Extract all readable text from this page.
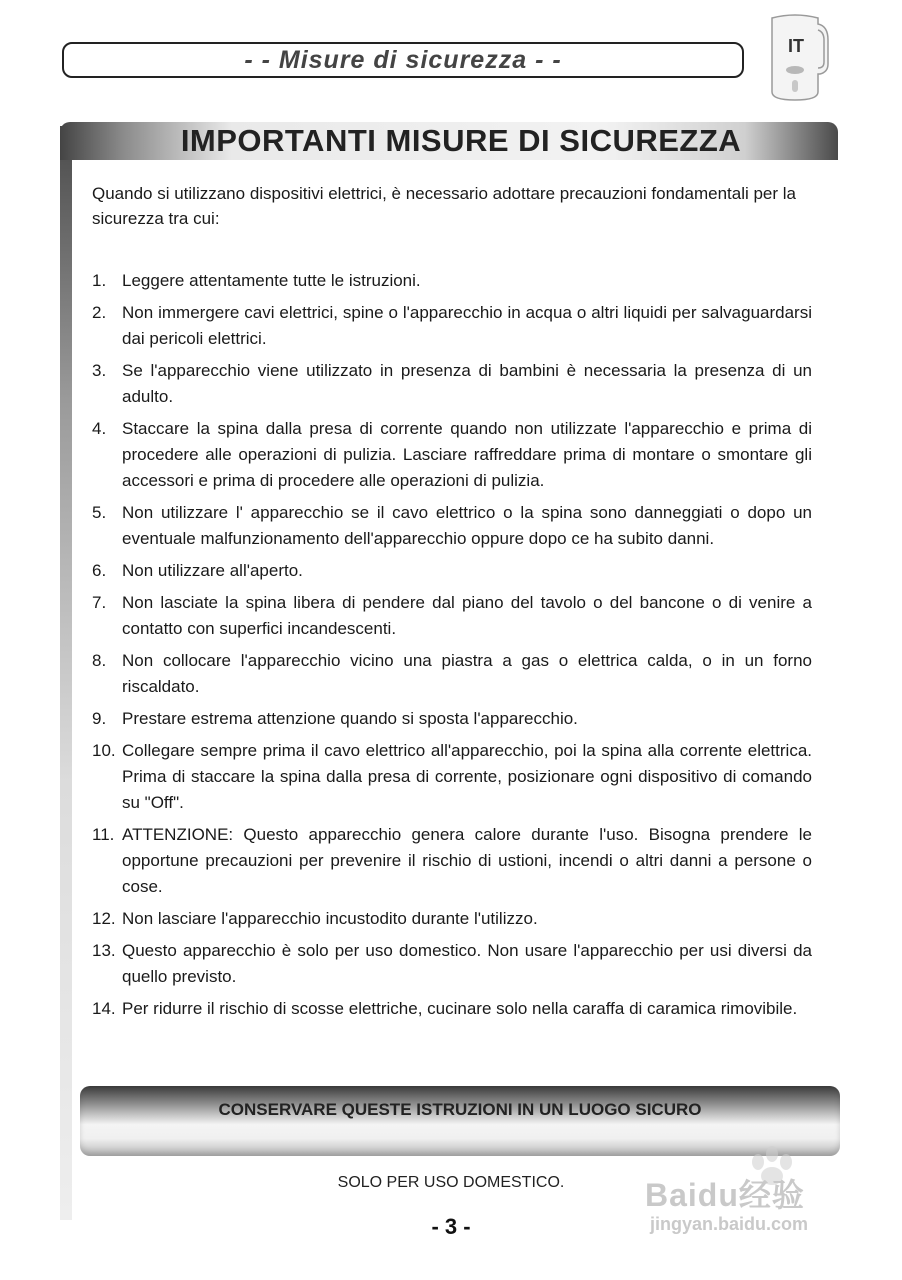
- - Misure di sicurezza - -	IT
IMPORTANTI MISURE DI SICUREZZA

Quando si utilizzano dispositivi elettrici, è necessario adottare precauzioni fondamentali per la sicurezza tra cui:

1. Leggere attentamente tutte le istruzioni.
2. Non immergere cavi elettrici, spine o l'apparecchio in acqua o altri liquidi per salvaguardarsi dai pericoli elettrici.
3. Se l'apparecchio viene utilizzato in presenza di bambini è necessaria la presenza di un adulto.
4. Staccare la spina dalla presa di corrente quando non utilizzate l'apparecchio e prima di procedere alle operazioni di pulizia. Lasciare raffreddare prima di montare o smontare gli accessori e prima di procedere alle operazioni di pulizia.
5. Non utilizzare l' apparecchio se il cavo elettrico o la spina sono danneggiati o dopo un eventuale malfunzionamento dell'apparecchio oppure dopo ce ha subito danni.
6. Non utilizzare all'aperto.
7. Non lasciate la spina libera di pendere dal piano del tavolo o del bancone o di venire a contatto con superfici incandescenti.
8. Non collocare l'apparecchio vicino una piastra a gas o elettrica calda, o in un forno riscaldato.
9. Prestare estrema attenzione quando si sposta l'apparecchio.
10. Collegare sempre prima il cavo elettrico all'apparecchio, poi la spina alla corrente elettrica. Prima di staccare la spina dalla presa di corrente, posizionare ogni dispositivo di comando su "Off".
11. ATTENZIONE: Questo apparecchio genera calore durante l'uso. Bisogna prendere le opportune precauzioni per prevenire il rischio di ustioni, incendi o altri danni a persone o cose.
12. Non lasciare l'apparecchio incustodito durante l'utilizzo.
13. Questo apparecchio è solo per uso domestico. Non usare l'apparecchio per usi diversi da quello previsto.
14. Per ridurre il rischio di scosse elettriche, cucinare solo nella caraffa di caramica rimovibile.
CONSERVARE QUESTE ISTRUZIONI IN UN LUOGO SICURO
SOLO PER USO DOMESTICO.	Baidu经验
jingyan.baidu.com
- 3 -
